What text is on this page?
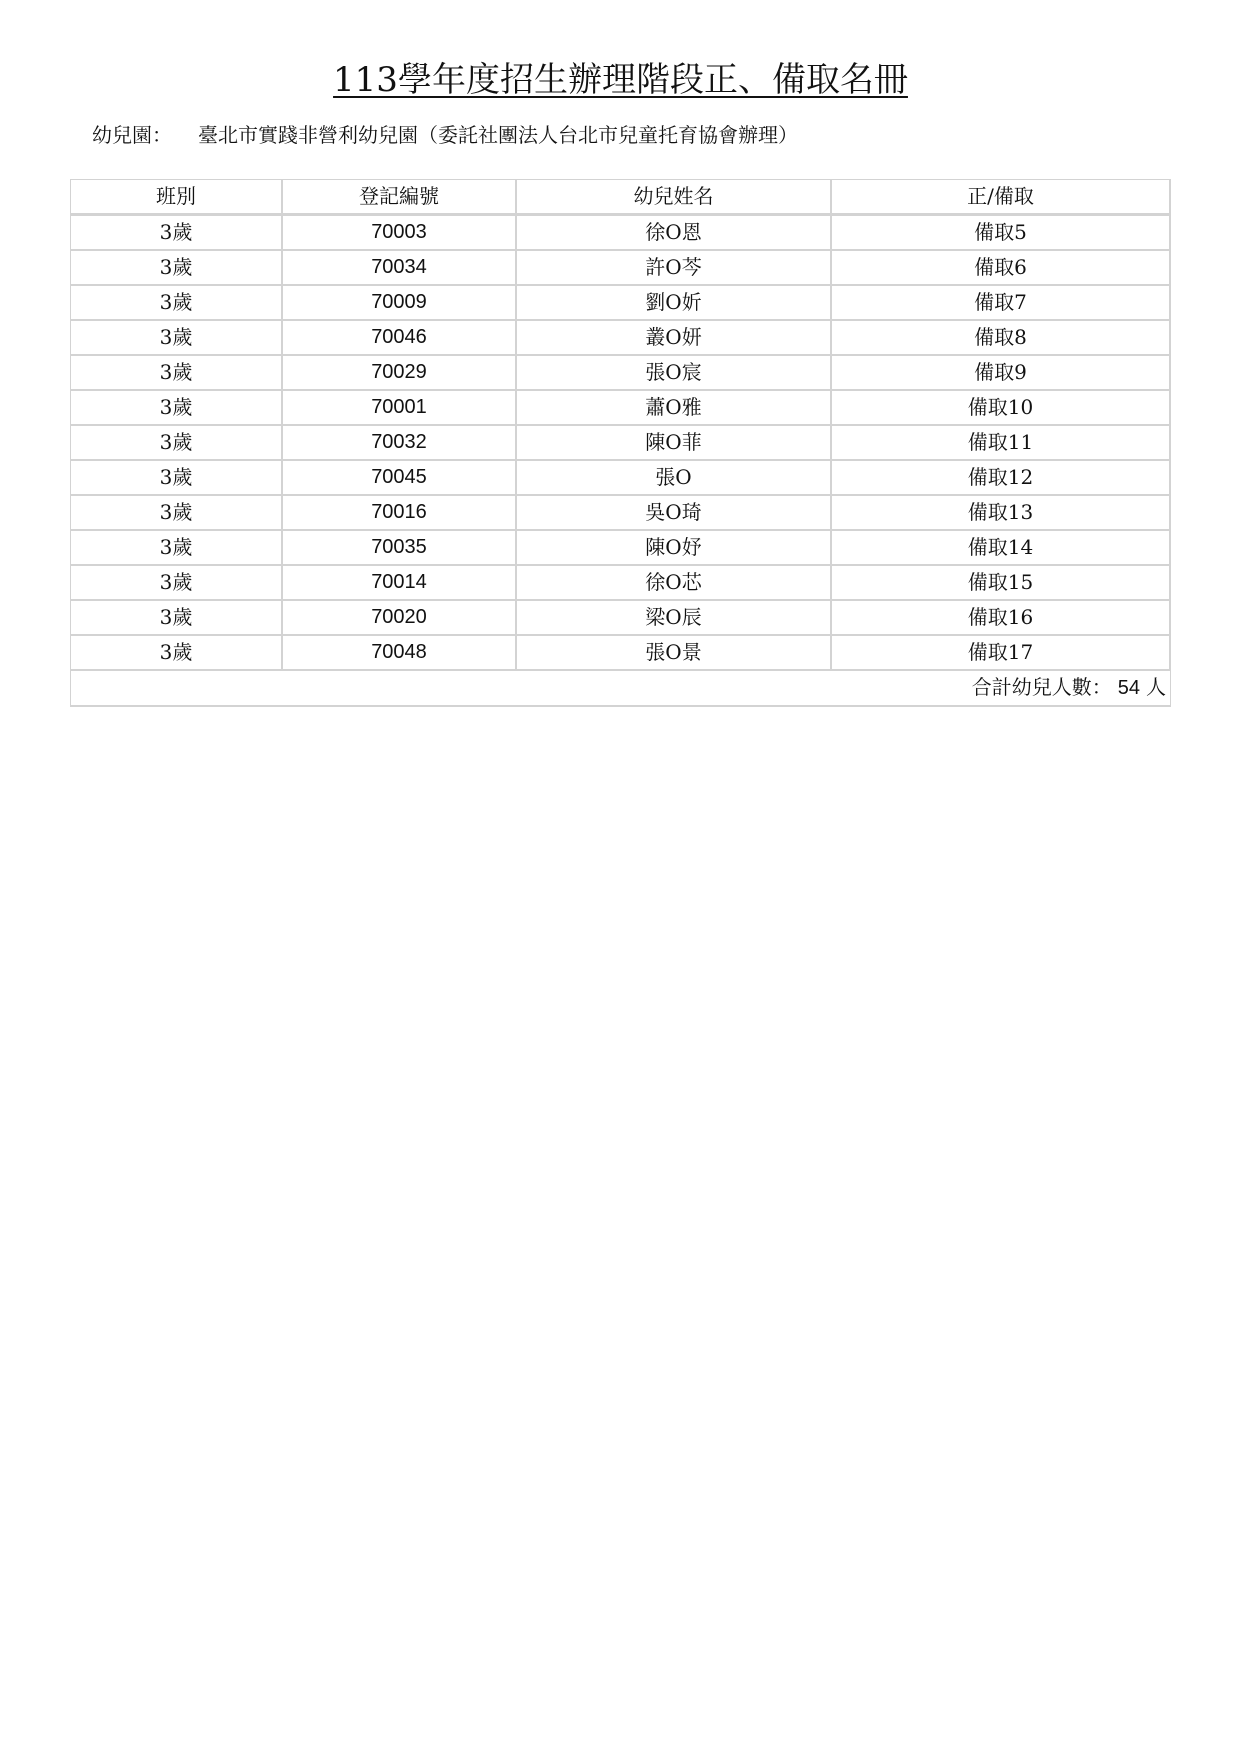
113學年度招生辦理階段正、備取名冊
幼兒園： 臺北市實踐非營利幼兒園（委託社團法人台北市兒童托育協會辦理）
班別	登記編號	幼兒姓名	正/備取
3歲	70003	徐O恩	備取5
3歲	70034	許O芩	備取6
3歲	70009	劉O妡	備取7
3歲	70046	叢O妍	備取8
3歲	70029	張O宸	備取9
3歲	70001	蕭O雅	備取10
3歲	70032	陳O菲	備取11
3歲	70045	張O	備取12
3歲	70016	吳O琦	備取13
3歲	70035	陳O妤	備取14
3歲	70014	徐O芯	備取15
3歲	70020	梁O辰	備取16
3歲	70048	張O景	備取17
合計幼兒人數： 54 人			
